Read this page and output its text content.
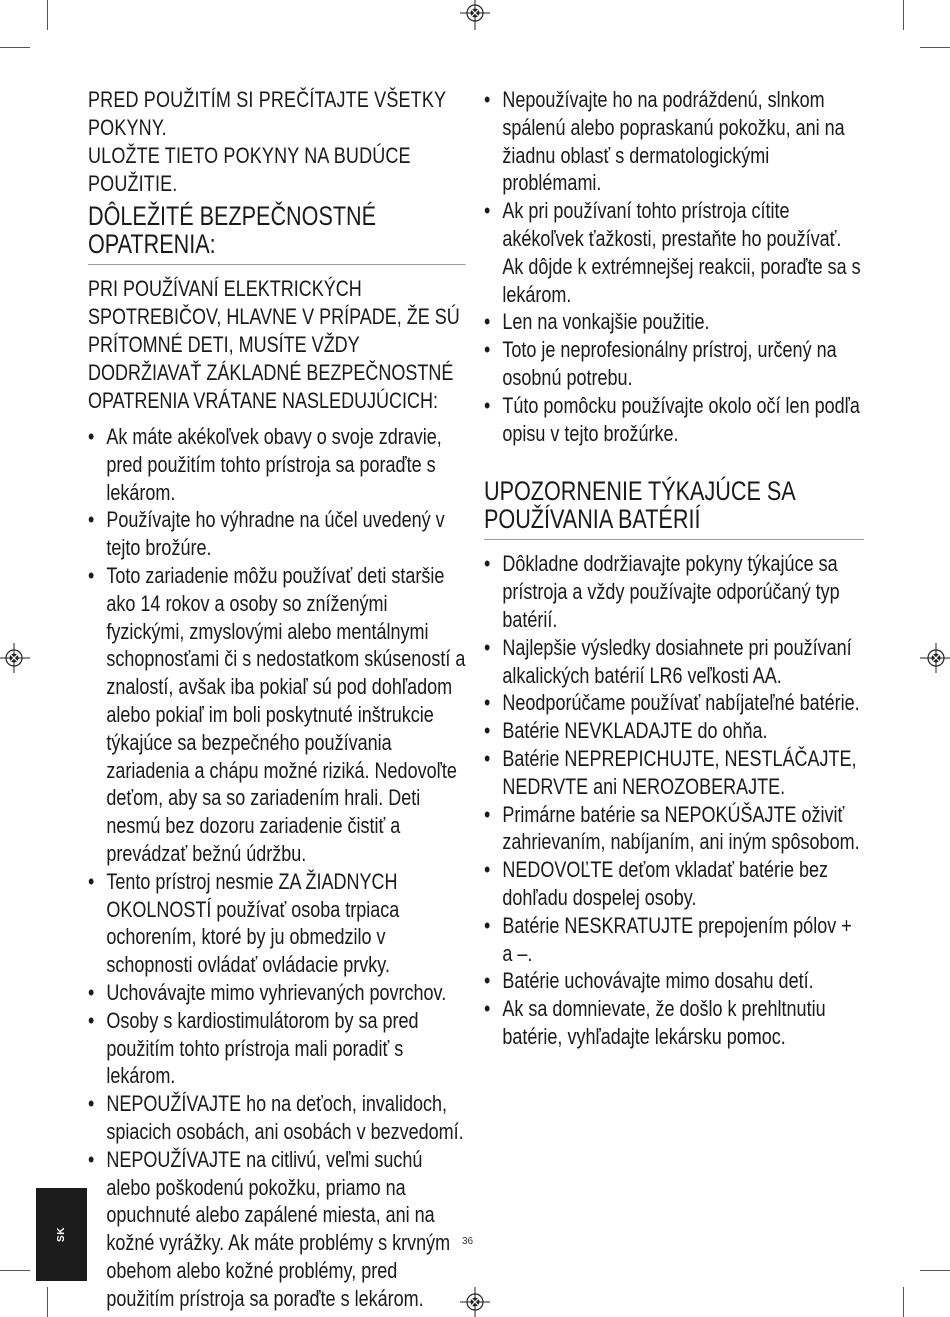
PRED POUŽITÍM SI PREČÍTAJTE VŠETKY POKYNY.
ULOŽTE TIETO POKYNY NA BUDÚCE POUŽITIE.
DÔLEŽITÉ BEZPEČNOSTNÉ OPATRENIA:
PRI POUŽÍVANÍ ELEKTRICKÝCH SPOTREBIČOV, HLAVNE V PRÍPADE, ŽE SÚ PRÍTOMNÉ DETI, MUSÍTE VŽDY DODRŽIAVAŤ ZÁKLADNÉ BEZPEČNOSTNÉ OPATRENIA VRÁTANE NASLEDUJÚCICH:
• Ak máte akékoľvek obavy o svoje zdravie, pred použitím tohto prístroja sa poraďte s lekárom.
• Používajte ho výhradne na účel uvedený v tejto brožúre.
• Toto zariadenie môžu používať deti staršie ako 14 rokov a osoby so zníženými fyzickými, zmyslovými alebo mentálnymi schopnosťami či s nedostatkom skúseností a znalostí, avšak iba pokiaľ sú pod dohľadom alebo pokiaľ im boli poskytnuté inštrukcie týkajúce sa bezpečného používania zariadenia a chápu možné riziká. Nedovoľte deťom, aby sa so zariadením hrali. Deti nesmú bez dozoru zariadenie čistiť a prevádzať bežnú údržbu.
• Tento prístroj nesmie ZA ŽIADNYCH OKOLNOSTÍ používať osoba trpiaca ochorením, ktoré by ju obmedzilo v schopnosti ovládať ovládacie prvky.
• Uchovávajte mimo vyhrievaných povrchov.
• Osoby s kardiostimulátorom by sa pred použitím tohto prístroja mali poradiť s lekárom.
• NEPOUŽÍVAJTE ho na deťoch, invalidoch, spiacich osobách, ani osobách v bezvedomí.
• NEPOUŽÍVAJTE na citlivú, veľmi suchú alebo poškodenú pokožku, priamo na opuchnuté alebo zapálené miesta, ani na kožné vyrážky. Ak máte problémy s krvným obehom alebo kožné problémy, pred použitím prístroja sa poraďte s lekárom.
• Nepoužívajte ho na podráždenú, slnkom spálenú alebo popraskanú pokožku, ani na žiadnu oblasť s dermatologickými problémami.
• Ak pri používaní tohto prístroja cítite akékoľvek ťažkosti, prestaňte ho používať. Ak dôjde k extrémnejšej reakcii, poraďte sa s lekárom.
• Len na vonkajšie použitie.
• Toto je neprofesionálny prístroj, určený na osobnú potrebu.
• Túto pomôcku používajte okolo očí len podľa opisu v tejto brožúrke.
UPOZORNENIE TÝKAJÚCE SA POUŽÍVANIA BATÉRIÍ
• Dôkladne dodržiavajte pokyny týkajúce sa prístroja a vždy používajte odporúčaný typ batérií.
• Najlepšie výsledky dosiahnete pri používaní alkalických batérií LR6 veľkosti AA.
• Neodporúčame používať nabíjateľné batérie.
• Batérie NEVKLADAJTE do ohňa.
• Batérie NEPREPICHUJTE, NESTLÁČAJTE, NEDRVTE ani NEROZOBERAJTE.
• Primárne batérie sa NEPOKÚŠAJTE oživiť zahrievaním, nabíjaním, ani iným spôsobom.
• NEDOVOĽTE deťom vkladať batérie bez dohľadu dospelej osoby.
• Batérie NESKRATUJTE prepojením pólov + a –.
• Batérie uchovávajte mimo dosahu detí.
• Ak sa domnievate, že došlo k prehltnutiu batérie, vyhľadajte lekársku pomoc.
SK	36
